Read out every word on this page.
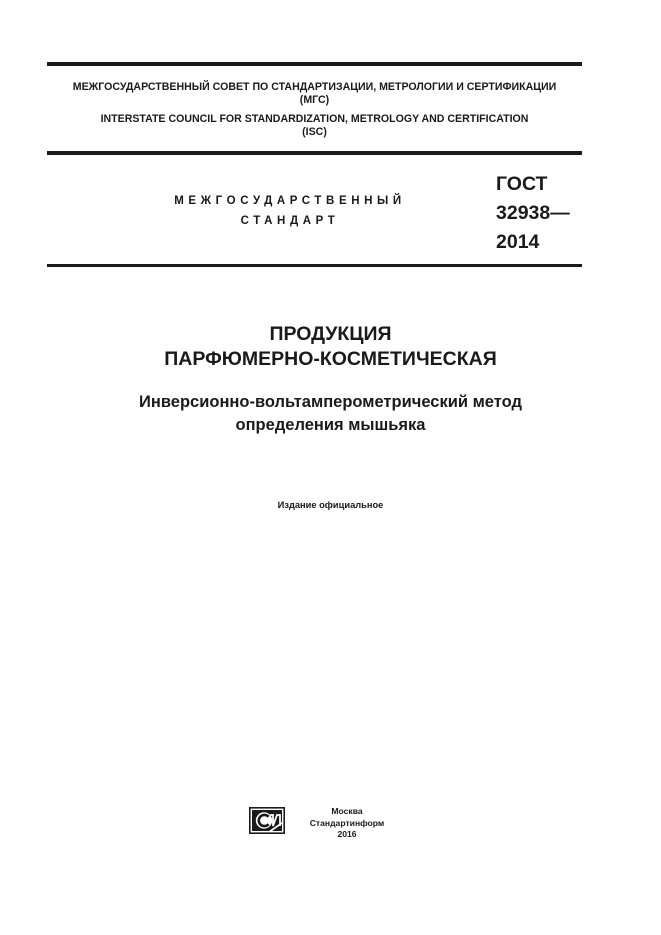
МЕЖГОСУДАРСТВЕННЫЙ СОВЕТ ПО СТАНДАРТИЗАЦИИ, МЕТРОЛОГИИ И СЕРТИФИКАЦИИ
(МГС)
INTERSTATE COUNCIL FOR STANDARDIZATION, METROLOGY AND CERTIFICATION
(ISC)
МЕЖГОСУДАРСТВЕННЫЙ
СТАНДАРТ
ГОСТ
32938—
2014
ПРОДУКЦИЯ
ПАРФЮМЕРНО-КОСМЕТИЧЕСКАЯ
Инверсионно-вольтамперометрический метод
определения мышьяка
Издание официальное
Москва
Стандартинформ
2016
